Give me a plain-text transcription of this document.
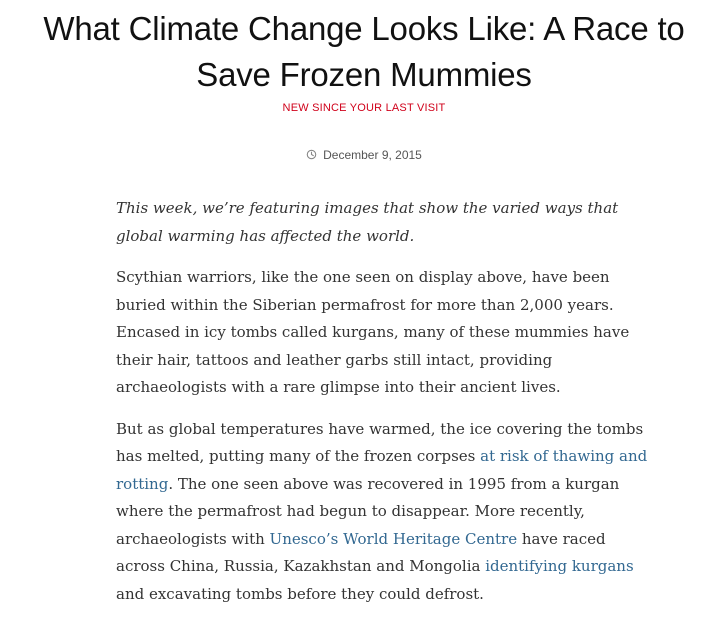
What Climate Change Looks Like: A Race to
Save Frozen Mummies
NEW SINCE YOUR LAST VISIT
December 9, 2015

This week, we’re featuring images that show the varied ways that
global warming has affected the world.

Scythian warriors, like the one seen on display above, have been
buried within the Siberian permafrost for more than 2,000 years.
Encased in icy tombs called kurgans, many of these mummies have
their hair, tattoos and leather garbs still intact, providing
archaeologists with a rare glimpse into their ancient lives.

But as global temperatures have warmed, the ice covering the tombs
has melted, putting many of the frozen corpses at risk of thawing and
rotting. The one seen above was recovered in 1995 from a kurgan
where the permafrost had begun to disappear. More recently,
archaeologists with Unesco’s World Heritage Centre have raced
across China, Russia, Kazakhstan and Mongolia identifying kurgans
and excavating tombs before they could defrost.
